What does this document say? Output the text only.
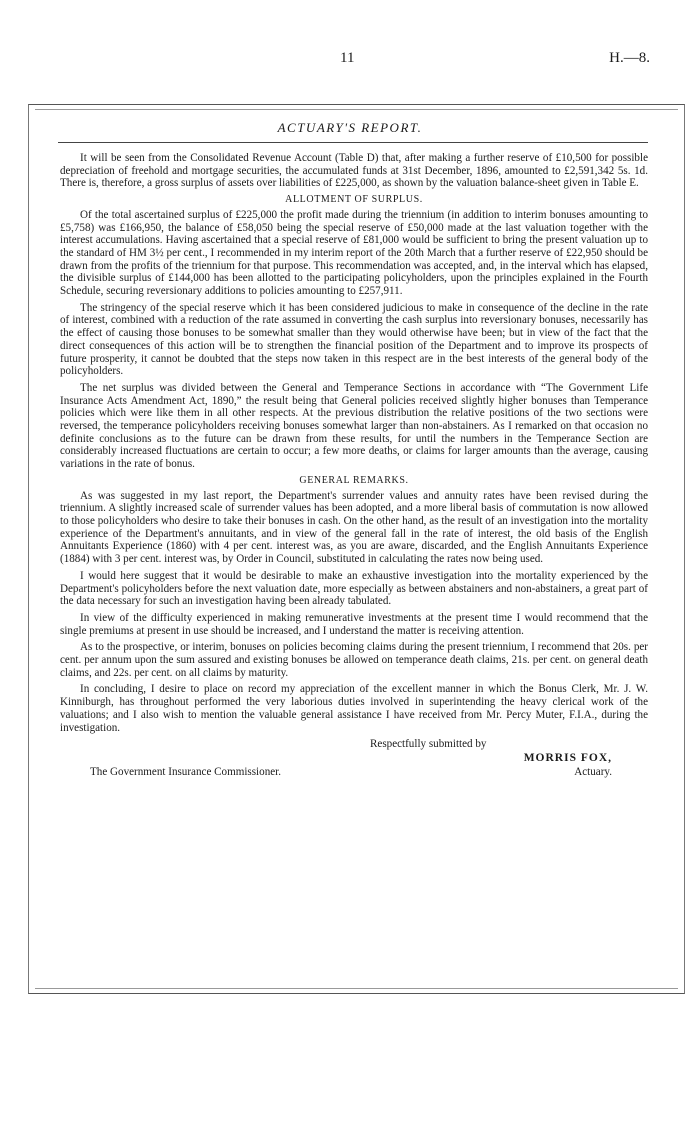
11	H.—8.
ACTUARY'S REPORT.

It will be seen from the Consolidated Revenue Account (Table D) that, after making a further reserve of £10,500 for possible depreciation of freehold and mortgage securities, the accumulated funds at 31st December, 1896, amounted to £2,591,342 5s. 1d. There is, therefore, a gross surplus of assets over liabilities of £225,000, as shown by the valuation balance-sheet given in Table E.

ALLOTMENT OF SURPLUS.

Of the total ascertained surplus of £225,000 the profit made during the triennium (in addition to interim bonuses amounting to £5,758) was £166,950, the balance of £58,050 being the special reserve of £50,000 made at the last valuation together with the interest accumulations. Having ascertained that a special reserve of £81,000 would be sufficient to bring the present valuation up to the standard of HM 3½ per cent., I recommended in my interim report of the 20th March that a further reserve of £22,950 should be drawn from the profits of the triennium for that purpose. This recommendation was accepted, and, in the interval which has elapsed, the divisible surplus of £144,000 has been allotted to the participating policyholders, upon the principles explained in the Fourth Schedule, securing reversionary additions to policies amounting to £257,911.

The stringency of the special reserve which it has been considered judicious to make in consequence of the decline in the rate of interest, combined with a reduction of the rate assumed in converting the cash surplus into reversionary bonuses, necessarily has the effect of causing those bonuses to be somewhat smaller than they would otherwise have been; but in view of the fact that the direct consequences of this action will be to strengthen the financial position of the Department and to improve its prospects of future prosperity, it cannot be doubted that the steps now taken in this respect are in the best interests of the general body of the policyholders.

The net surplus was divided between the General and Temperance Sections in accordance with “The Government Life Insurance Acts Amendment Act, 1890,” the result being that General policies received slightly higher bonuses than Temperance policies which were like them in all other respects. At the previous distribution the relative positions of the two sections were reversed, the temperance policyholders receiving bonuses somewhat larger than non-abstainers. As I remarked on that occasion no definite conclusions as to the future can be drawn from these results, for until the numbers in the Temperance Section are considerably increased fluctuations are certain to occur; a few more deaths, or claims for larger amounts than the average, causing variations in the rate of bonus.

GENERAL REMARKS.

As was suggested in my last report, the Department's surrender values and annuity rates have been revised during the triennium. A slightly increased scale of surrender values has been adopted, and a more liberal basis of commutation is now allowed to those policyholders who desire to take their bonuses in cash. On the other hand, as the result of an investigation into the mortality experience of the Department's annuitants, and in view of the general fall in the rate of interest, the old basis of the English Annuitants Experience (1860) with 4 per cent. interest was, as you are aware, discarded, and the English Annuitants Experience (1884) with 3 per cent. interest was, by Order in Council, substituted in calculating the rates now being used.

I would here suggest that it would be desirable to make an exhaustive investigation into the mortality experienced by the Department's policyholders before the next valuation date, more especially as between abstainers and non-abstainers, a great part of the data necessary for such an investigation having been already tabulated.

In view of the difficulty experienced in making remunerative investments at the present time I would recommend that the single premiums at present in use should be increased, and I understand the matter is receiving attention.

As to the prospective, or interim, bonuses on policies becoming claims during the present triennium, I recommend that 20s. per cent. per annum upon the sum assured and existing bonuses be allowed on temperance death claims, 21s. per cent. on general death claims, and 22s. per cent. on all claims by maturity.

In concluding, I desire to place on record my appreciation of the excellent manner in which the Bonus Clerk, Mr. J. W. Kinniburgh, has throughout performed the very laborious duties involved in superintending the heavy clerical work of the valuations; and I also wish to mention the valuable general assistance I have received from Mr. Percy Muter, F.I.A., during the investigation.

Respectfully submitted by
MORRIS FOX,
The Government Insurance Commissioner.	Actuary.
